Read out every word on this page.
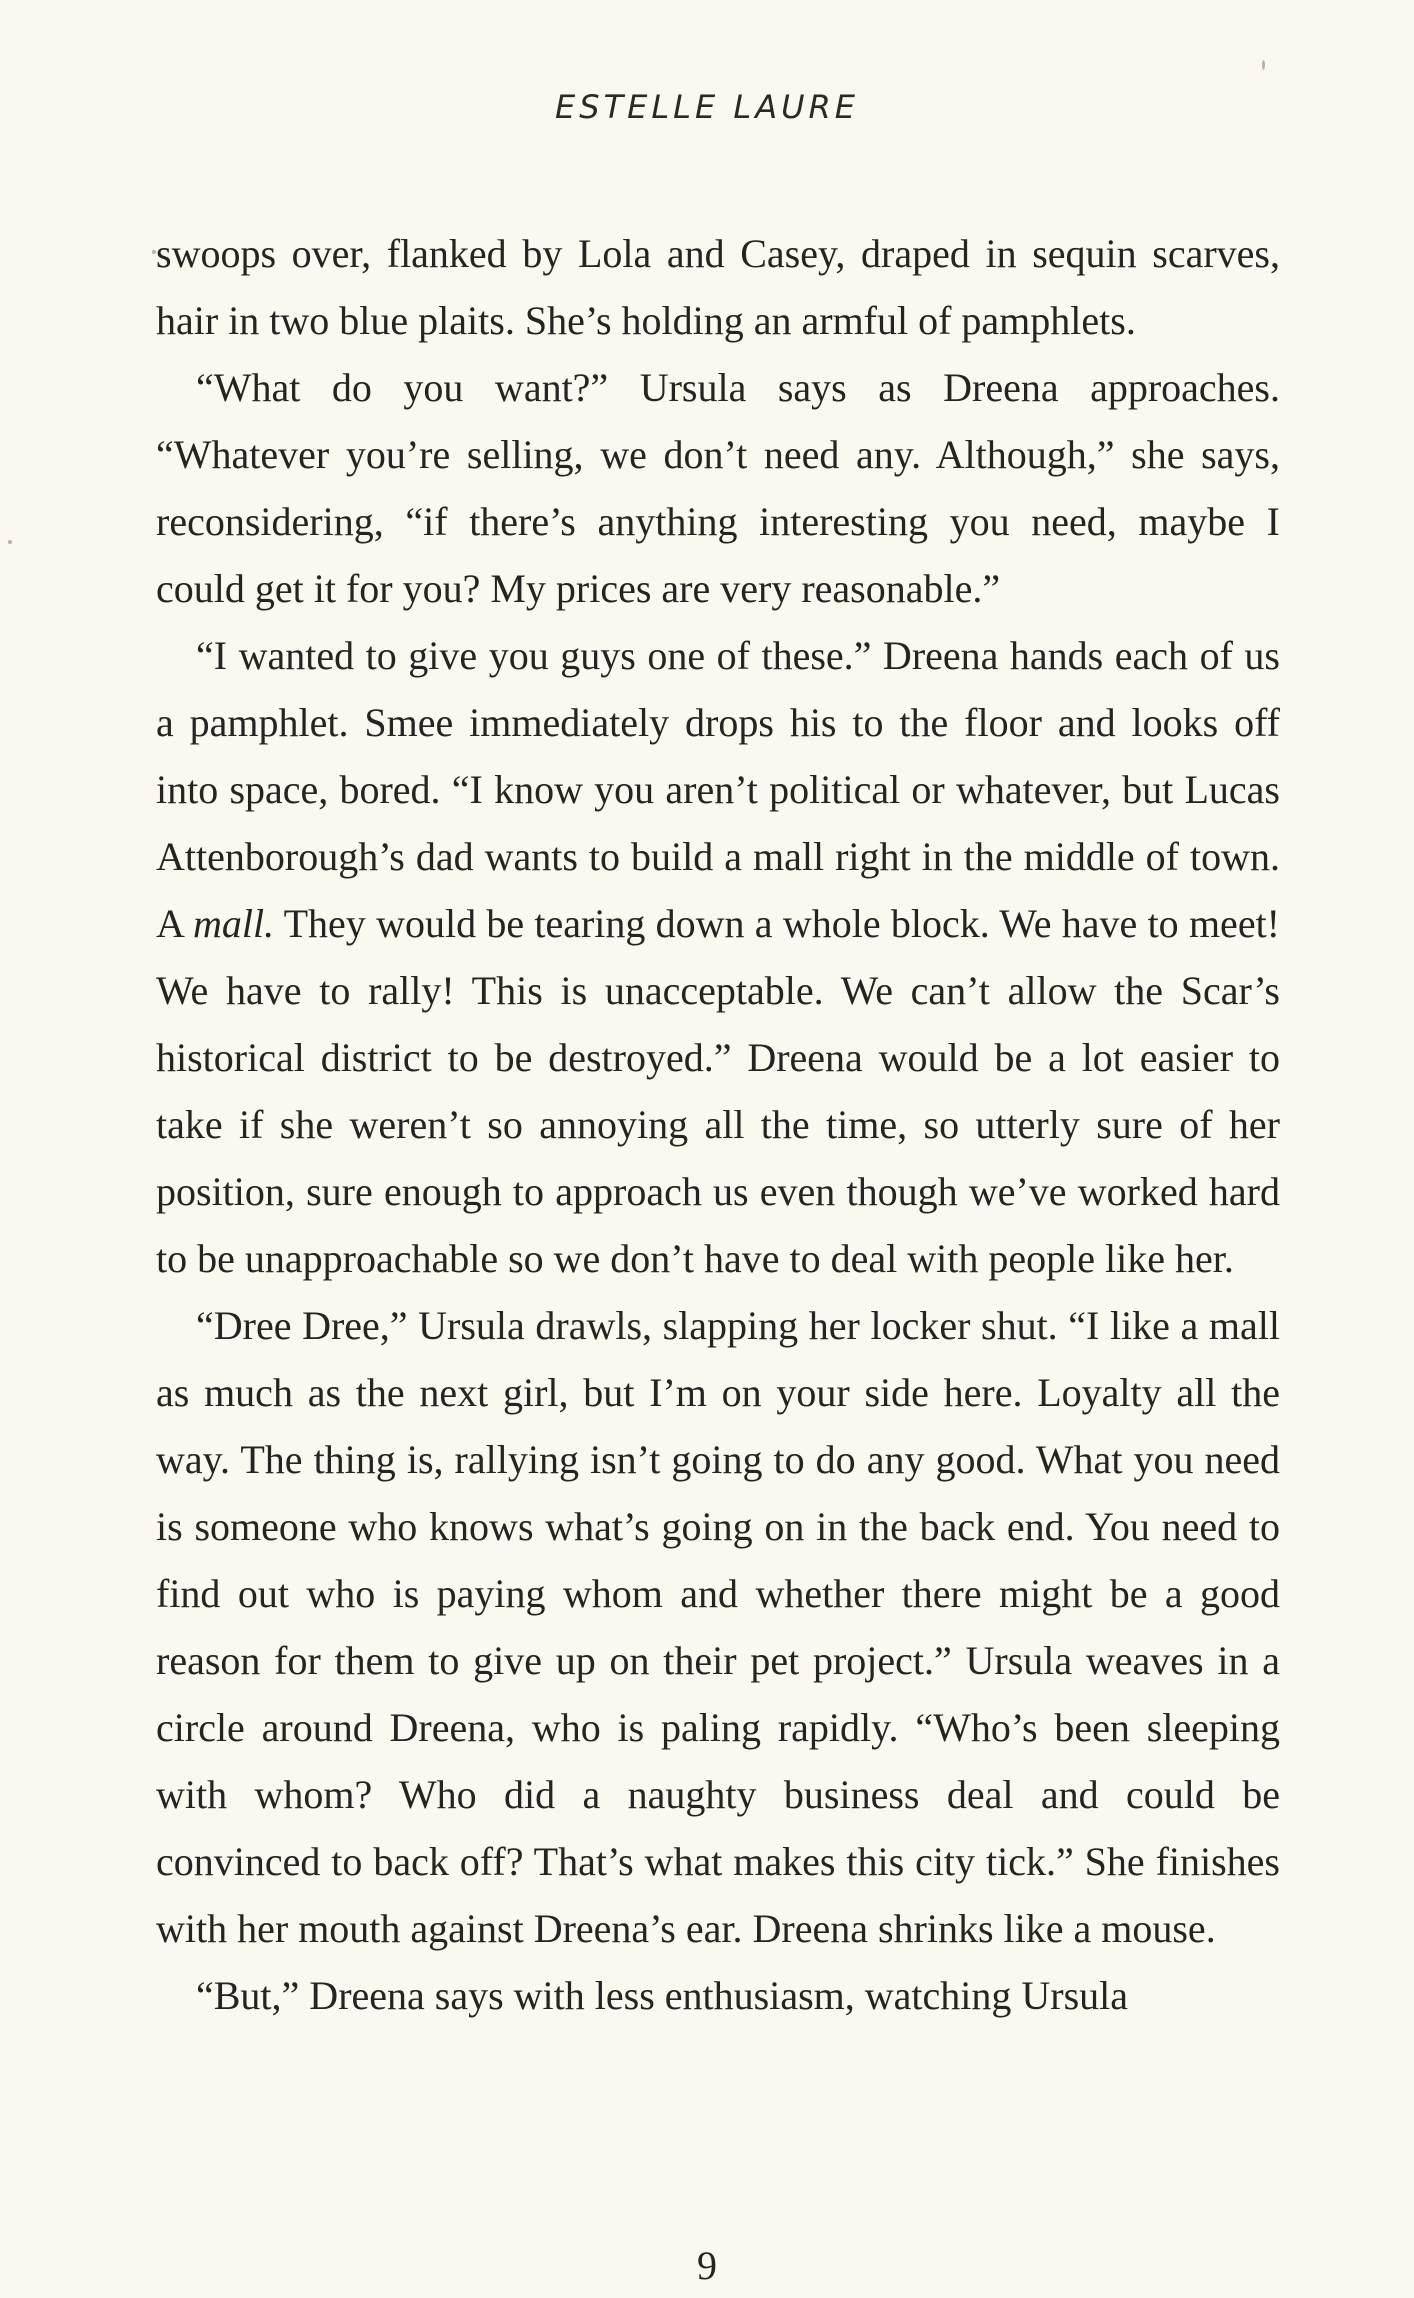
ESTELLE LAURE

swoops over, flanked by Lola and Casey, draped in sequin scarves, hair in two blue plaits. She’s holding an armful of pamphlets.

“What do you want?” Ursula says as Dreena approaches. “Whatever you’re selling, we don’t need any. Although,” she says, reconsidering, “if there’s anything interesting you need, maybe I could get it for you? My prices are very reasonable.”

“I wanted to give you guys one of these.” Dreena hands each of us a pamphlet. Smee immediately drops his to the floor and looks off into space, bored. “I know you aren’t political or whatever, but Lucas Attenborough’s dad wants to build a mall right in the middle of town. A mall. They would be tearing down a whole block. We have to meet! We have to rally! This is unacceptable. We can’t allow the Scar’s historical district to be destroyed.” Dreena would be a lot easier to take if she weren’t so annoying all the time, so utterly sure of her position, sure enough to approach us even though we’ve worked hard to be unapproachable so we don’t have to deal with people like her.

“Dree Dree,” Ursula drawls, slapping her locker shut. “I like a mall as much as the next girl, but I’m on your side here. Loyalty all the way. The thing is, rallying isn’t going to do any good. What you need is someone who knows what’s going on in the back end. You need to find out who is paying whom and whether there might be a good reason for them to give up on their pet project.” Ursula weaves in a circle around Dreena, who is paling rapidly. “Who’s been sleeping with whom? Who did a naughty business deal and could be convinced to back off? That’s what makes this city tick.” She finishes with her mouth against Dreena’s ear. Dreena shrinks like a mouse.

“But,” Dreena says with less enthusiasm, watching Ursula

9
